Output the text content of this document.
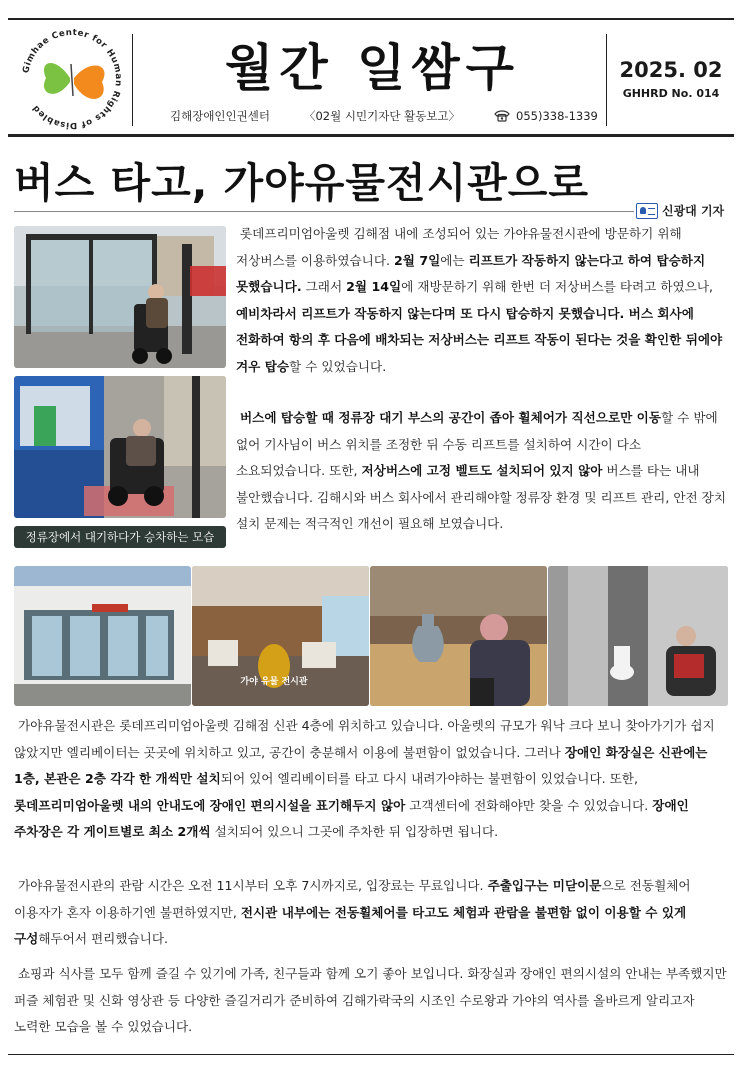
Gimhae Center for Human Rights of Disabled
월간 일쌈구
김해장애인인권센터	〈02월 시민기자단 활동보고〉	055)338-1339
2025. 02
GHHRD No. 014
버스 타고, 가야유물전시관으로
신광대 기자
정류장에서 대기하다가 승차하는 모습
롯데프리미엄아울렛 김해점 내에 조성되어 있는 가야유물전시관에 방문하기 위해 저상버스를 이용하였습니다. 2월 7일에는 리프트가 작동하지 않는다고 하여 탑승하지 못했습니다. 그래서 2월 14일에 재방문하기 위해 한번 더 저상버스를 타려고 하였으나, 예비차라서 리프트가 작동하지 않는다며 또 다시 탑승하지 못했습니다. 버스 회사에 전화하여 항의 후 다음에 배차되는 저상버스는 리프트 작동이 된다는 것을 확인한 뒤에야 겨우 탑승할 수 있었습니다.
버스에 탑승할 때 정류장 대기 부스의 공간이 좁아 휠체어가 직선으로만 이동할 수 밖에 없어 기사님이 버스 위치를 조정한 뒤 수동 리프트를 설치하여 시간이 다소 소요되었습니다. 또한, 저상버스에 고정 벨트도 설치되어 있지 않아 버스를 타는 내내 불안했습니다. 김해시와 버스 회사에서 관리해야할 정류장 환경 및 리프트 관리, 안전 장치 설치 문제는 적극적인 개선이 필요해 보였습니다.
가야 유물 전시관
가야유물전시관은 롯데프리미엄아울렛 김해점 신관 4층에 위치하고 있습니다. 아울렛의 규모가 워낙 크다 보니 찾아가기가 쉽지 않았지만 엘리베이터는 곳곳에 위치하고 있고, 공간이 충분해서 이용에 불편함이 없었습니다. 그러나 장애인 화장실은 신관에는 1층, 본관은 2층 각각 한 개씩만 설치되어 있어 엘리베이터를 타고 다시 내려가야하는 불편함이 있었습니다. 또한, 롯데프리미엄아울렛 내의 안내도에 장애인 편의시설을 표기해두지 않아 고객센터에 전화해야만 찾을 수 있었습니다. 장애인 주차장은 각 게이트별로 최소 2개씩 설치되어 있으니 그곳에 주차한 뒤 입장하면 됩니다.
가야유물전시관의 관람 시간은 오전 11시부터 오후 7시까지로, 입장료는 무료입니다. 주출입구는 미닫이문으로 전동휠체어 이용자가 혼자 이용하기엔 불편하였지만, 전시관 내부에는 전동휠체어를 타고도 체험과 관람을 불편함 없이 이용할 수 있게 구성해두어서 편리했습니다.
쇼핑과 식사를 모두 함께 즐길 수 있기에 가족, 친구들과 함께 오기 좋아 보입니다. 화장실과 장애인 편의시설의 안내는 부족했지만 퍼즐 체험관 및 신화 영상관 등 다양한 즐길거리가 준비하여 김해가락국의 시조인 수로왕과 가야의 역사를 올바르게 알리고자 노력한 모습을 볼 수 있었습니다.
